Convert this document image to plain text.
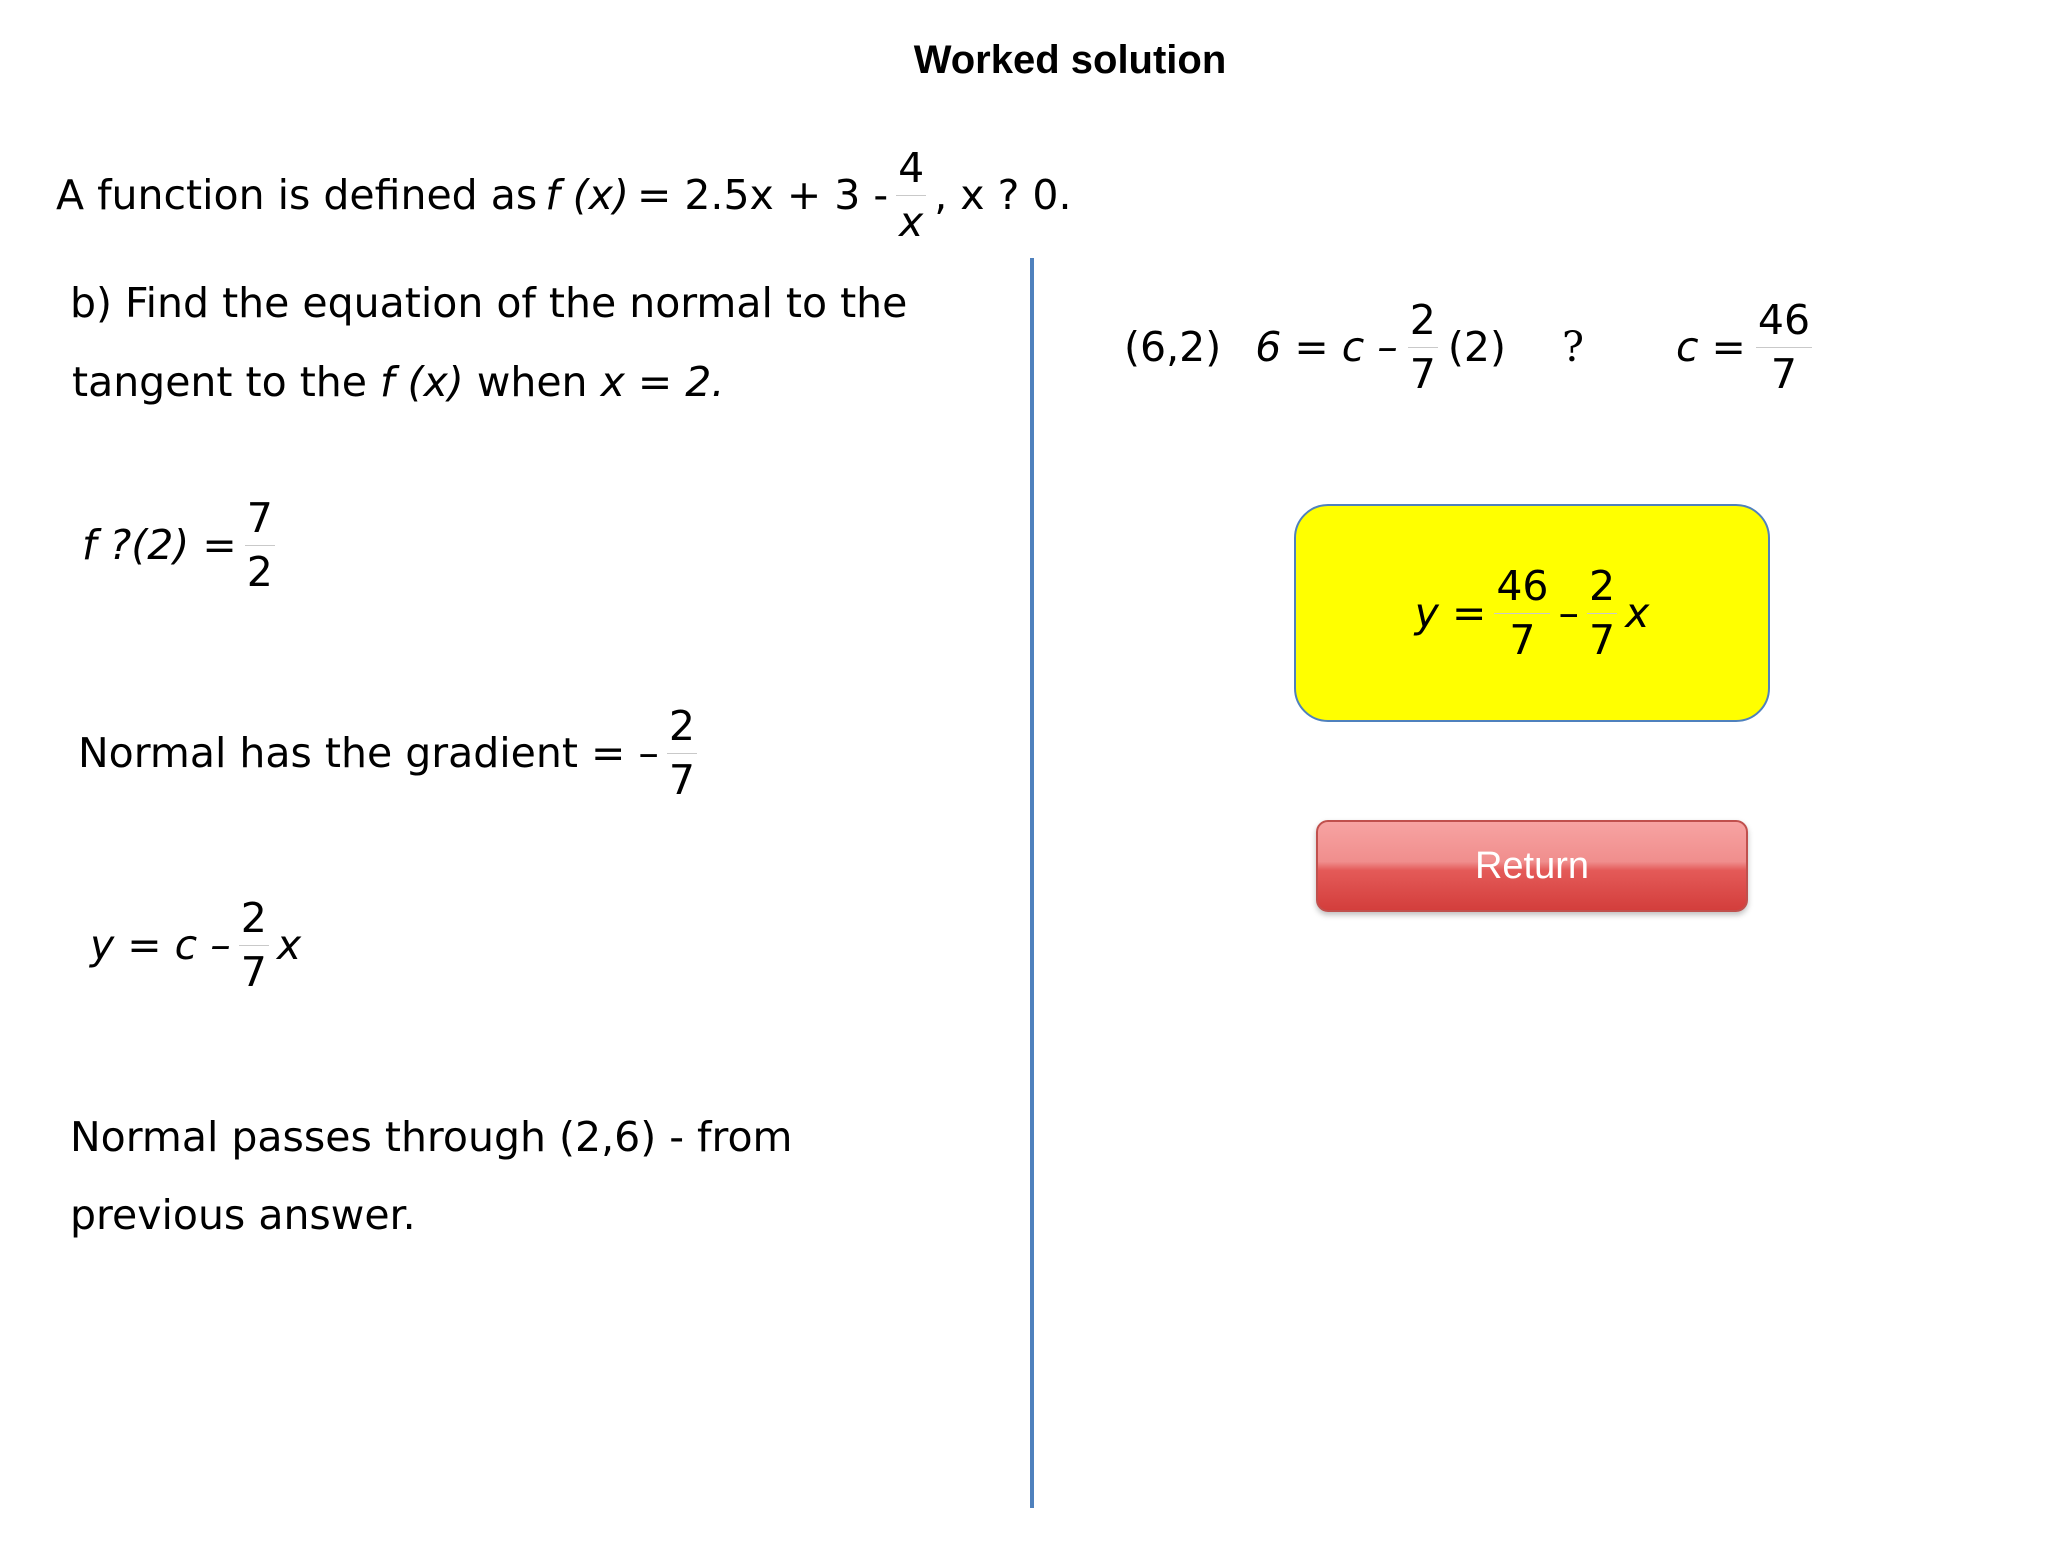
Worked solution
A function is defined as f $(x) = 2.5x + 3 - \frac{4}{x}$ , x ? 0.
b) Find the equation of the normal to the
tangent to the f (x) when x = 2.
f ?(2) = $\frac{7}{2}$
Normal has the gradient = – $\frac{2}{7}$
$y = c - \frac{2}{7}$ x
Normal passes through (2,6) - from
previous answer.
(6,2) $6 = c - \frac{2}{7} (2)$ ? $c = \frac{46}{7}$
$y = \frac{46}{7} - \frac{2}{7}$ x
Return
